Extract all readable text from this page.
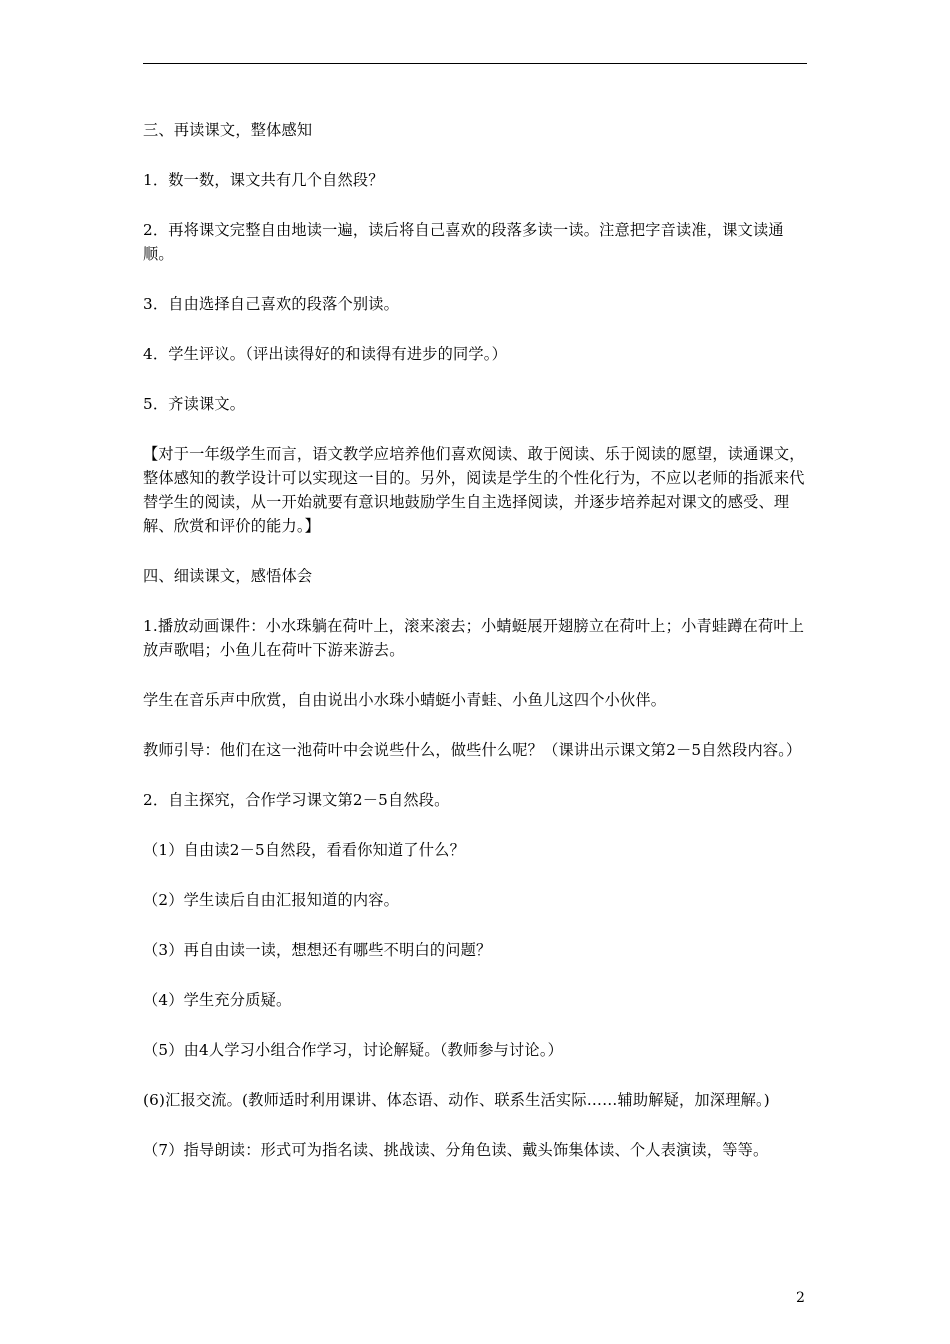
三、再读课文，整体感知

1．数一数，课文共有几个自然段？

2．再将课文完整自由地读一遍，读后将自己喜欢的段落多读一读。注意把字音读准，课文读通顺。

3．自由选择自己喜欢的段落个别读。

4．学生评议。（评出读得好的和读得有进步的同学。）

5．齐读课文。

【对于一年级学生而言，语文教学应培养他们喜欢阅读、敢于阅读、乐于阅读的愿望，读通课文，整体感知的教学设计可以实现这一目的。另外，阅读是学生的个性化行为，不应以老师的指派来代替学生的阅读，从一开始就要有意识地鼓励学生自主选择阅读，并逐步培养起对课文的感受、理解、欣赏和评价的能力。】

四、细读课文，感悟体会

1.播放动画课件：小水珠躺在荷叶上，滚来滚去；小蜻蜓展开翅膀立在荷叶上；小青蛙蹲在荷叶上放声歌唱；小鱼儿在荷叶下游来游去。

学生在音乐声中欣赏，自由说出小水珠小蜻蜓小青蛙、小鱼儿这四个小伙伴。

教师引导：他们在这一池荷叶中会说些什么，做些什么呢？（课讲出示课文第2－5自然段内容。）

2．自主探究，合作学习课文第2－5自然段。

（1）自由读2－5自然段，看看你知道了什么？

（2）学生读后自由汇报知道的内容。

（3）再自由读一读，想想还有哪些不明白的问题？

（4）学生充分质疑。

（5）由4人学习小组合作学习，讨论解疑。（教师参与讨论。）

(6)汇报交流。(教师适时利用课讲、体态语、动作、联系生活实际……辅助解疑，加深理解。)

（7）指导朗读：形式可为指名读、挑战读、分角色读、戴头饰集体读、个人表演读，等等。

2
